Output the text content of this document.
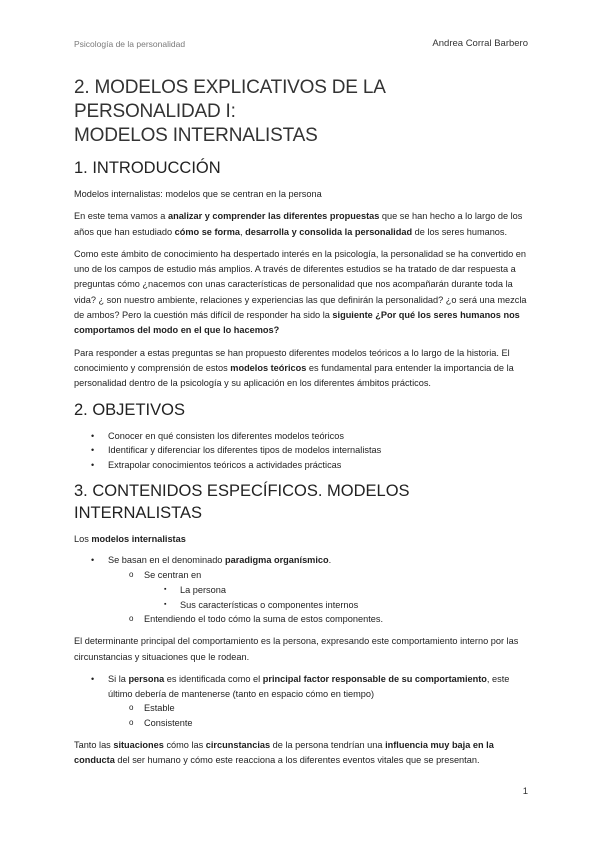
Psicología de la personalidad	Andrea Corral Barbero
2. MODELOS EXPLICATIVOS DE LA PERSONALIDAD I:
MODELOS INTERNALISTAS
1. INTRODUCCIÓN

Modelos internalistas: modelos que se centran en la persona

En este tema vamos a analizar y comprender las diferentes propuestas que se han hecho a lo largo de los años que han estudiado cómo se forma, desarrolla y consolida la personalidad de los seres humanos.

Como este ámbito de conocimiento ha despertado interés en la psicología, la personalidad se ha convertido en uno de los campos de estudio más amplios. A través de diferentes estudios se ha tratado de dar respuesta a preguntas cómo ¿nacemos con unas características de personalidad que nos acompañarán durante toda la vida? ¿ son nuestro ambiente, relaciones y experiencias las que definirán la personalidad? ¿o será una mezcla de ambos? Pero la cuestión más difícil de responder ha sido la siguiente ¿Por qué los seres humanos nos comportamos del modo en el que lo hacemos?

Para responder a estas preguntas se han propuesto diferentes modelos teóricos a lo largo de la historia. El conocimiento y comprensión de estos modelos teóricos es fundamental para entender la importancia de la personalidad dentro de la psicología y su aplicación en los diferentes ámbitos prácticos.

2. OBJETIVOS
• Conocer en qué consisten los diferentes modelos teóricos
• Identificar y diferenciar los diferentes tipos de modelos internalistas
• Extrapolar conocimientos teóricos a actividades prácticas
3. CONTENIDOS ESPECÍFICOS. MODELOS INTERNALISTAS

Los modelos internalistas

• Se basan en el denominado paradigma organísmico.
o Se centran en
▪ La persona
▪ Sus características o componentes internos
o Entendiendo el todo cómo la suma de estos componentes.

El determinante principal del comportamiento es la persona, expresando este comportamiento interno por las circunstancias y situaciones que le rodean.

• Si la persona es identificada como el principal factor responsable de su comportamiento, este último debería de mantenerse (tanto en espacio cómo en tiempo)
o Estable
o Consistente

Tanto las situaciones cómo las circunstancias de la persona tendrían una influencia muy baja en la conducta del ser humano y cómo este reacciona a los diferentes eventos vitales que se presentan.

1
